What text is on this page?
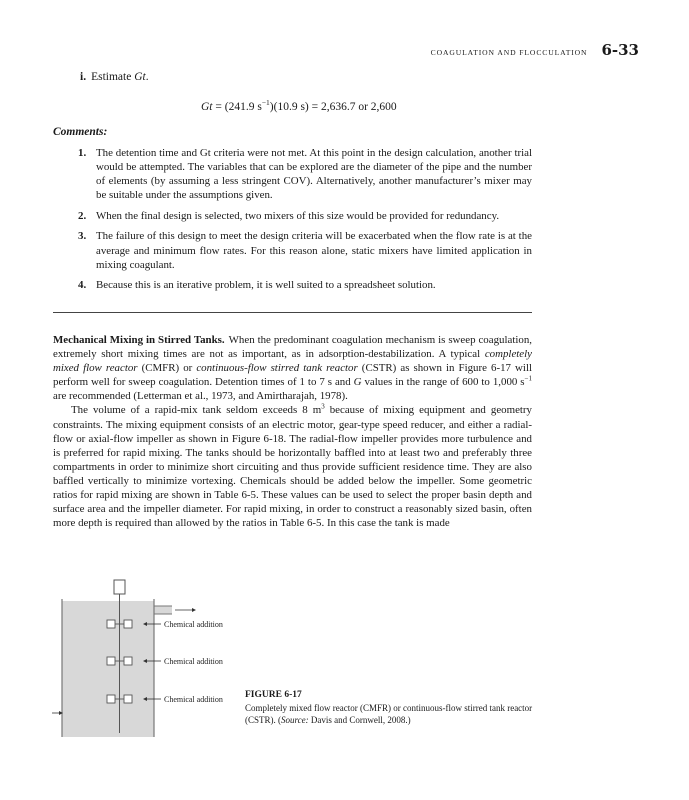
COAGULATION AND FLOCCULATION 6-33
i. Estimate Gt.
Gt = (241.9 $s^{-1})(10.9$ s) = 2,636.7 or 2,600
Comments:
1. The detention time and Gt criteria were not met. At this point in the design calculation, another trial would be attempted. The variables that can be explored are the diameter of the pipe and the number of elements (by assuming a less stringent COV). Alternatively, another manufacturer’s mixer may be suitable under the assumptions given.
2. When the final design is selected, two mixers of this size would be provided for redundancy.
3. The failure of this design to meet the design criteria will be exacerbated when the flow rate is at the average and minimum flow rates. For this reason alone, static mixers have limited application in mixing coagulant.
4. Because this is an iterative problem, it is well suited to a spreadsheet solution.

Mechanical Mixing in Stirred Tanks. When the predominant coagulation mechanism is sweep coagulation, extremely short mixing times are not as important, as in adsorption-destabilization. A typical completely mixed flow reactor (CMFR) or continuous-flow stirred tank reactor (CSTR) as shown in Figure 6-17 will perform well for sweep coagulation. Detention times of 1 to 7 s and G values in the range of 600 to 1,000 $s^{-1}$ are recommended (Letterman et al., 1973, and Amirtharajah, 1978).

The volume of a rapid-mix tank seldom exceeds 8 $m^3$ because of mixing equipment and geometry constraints. The mixing equipment consists of an electric motor, gear-type speed reducer, and either a radial-flow or axial-flow impeller as shown in Figure 6-18. The radial-flow impeller provides more turbulence and is preferred for rapid mixing. The tanks should be horizontally baffled into at least two and preferably three compartments in order to minimize short circuiting and thus provide sufficient residence time. They are also baffled vertically to minimize vortexing. Chemicals should be added below the impeller. Some geometric ratios for rapid mixing are shown in Table 6-5. These values can be used to select the proper basin depth and surface area and the impeller diameter. For rapid mixing, in order to construct a reasonably sized basin, often more depth is required than allowed by the ratios in Table 6-5. In this case the tank is made

Chemical addition
Chemical addition
Chemical addition FIGURE 6-17
Completely mixed flow reactor (CMFR) or continuous-flow stirred tank reactor (CSTR). (Source: Davis and Cornwell, 2008.)
